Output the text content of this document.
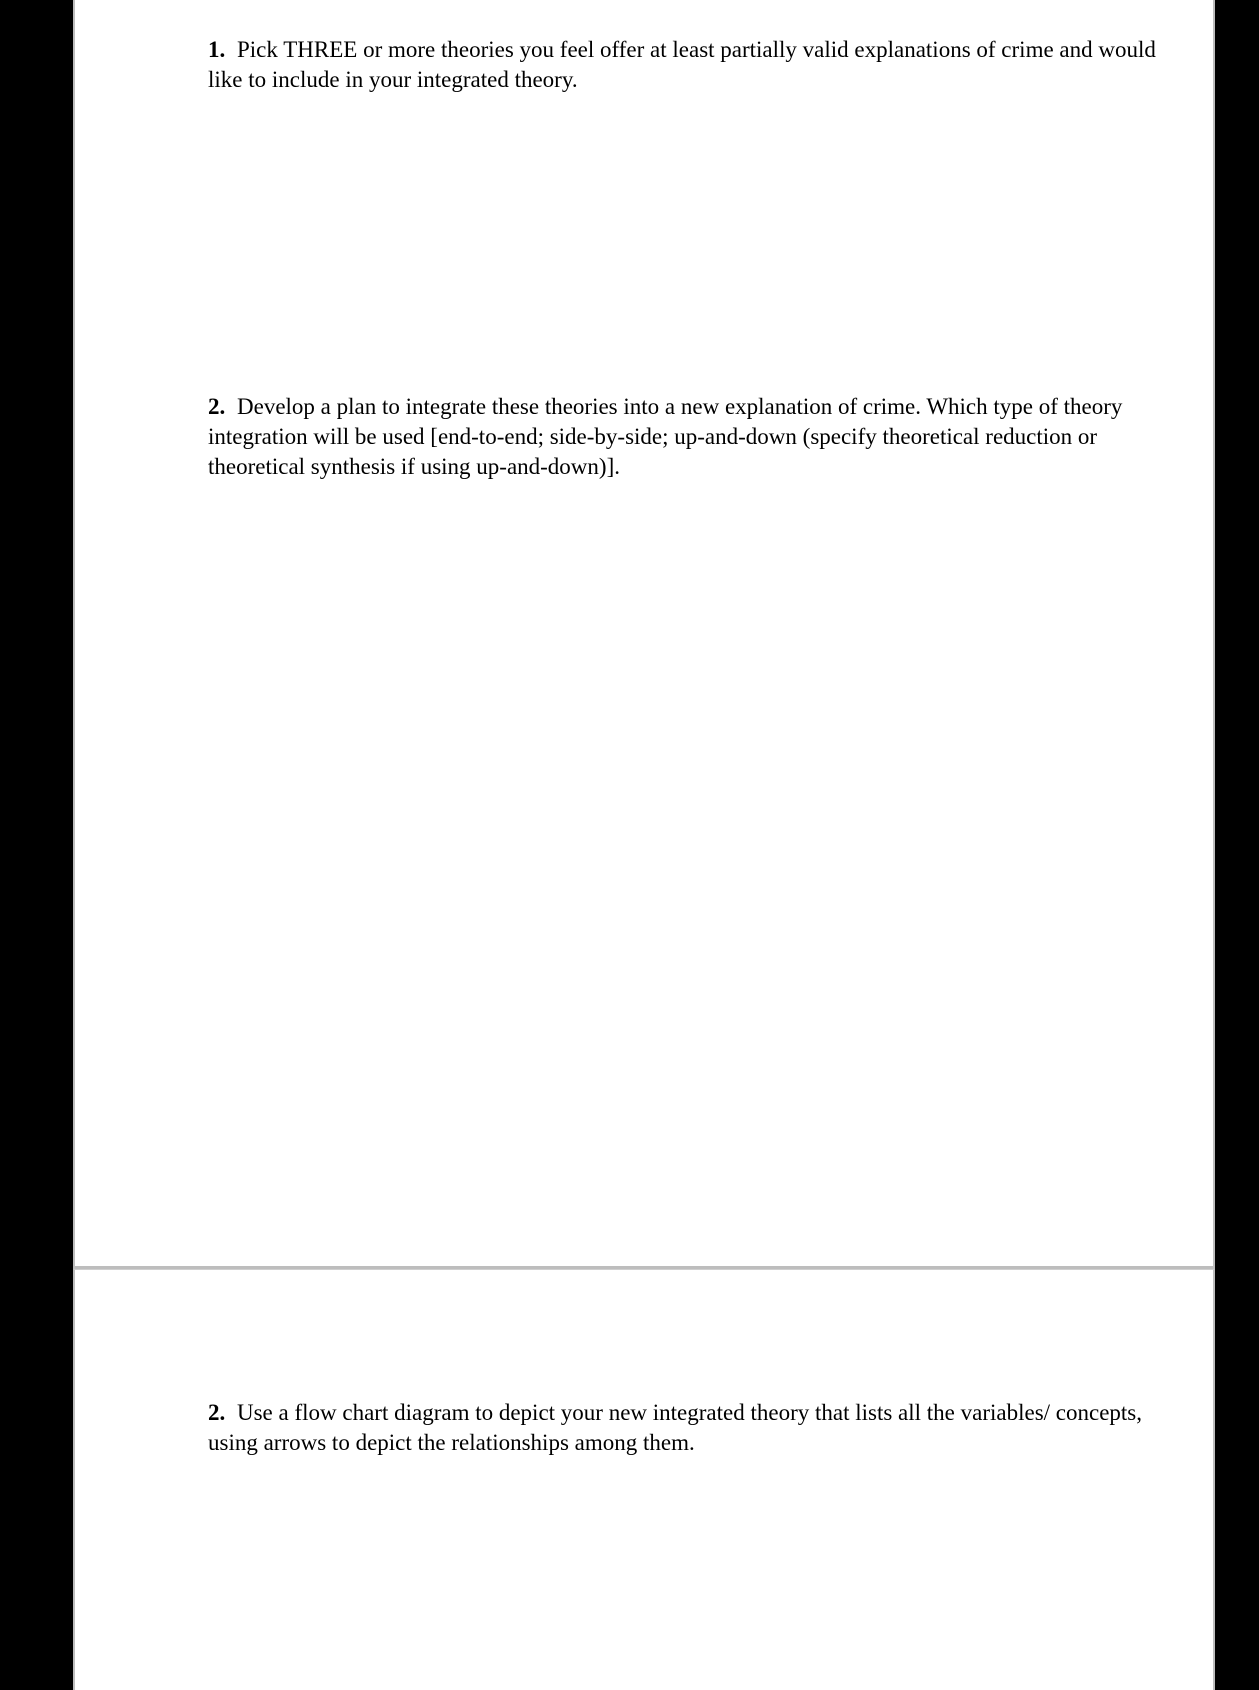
1. Pick THREE or more theories you feel offer at least partially valid explanations of crime and would like to include in your integrated theory.
2. Develop a plan to integrate these theories into a new explanation of crime. Which type of theory integration will be used [end-to-end; side-by-side; up-and-down (specify theoretical reduction or theoretical synthesis if using up-and-down)].
2. Use a flow chart diagram to depict your new integrated theory that lists all the variables/ concepts, using arrows to depict the relationships among them.
